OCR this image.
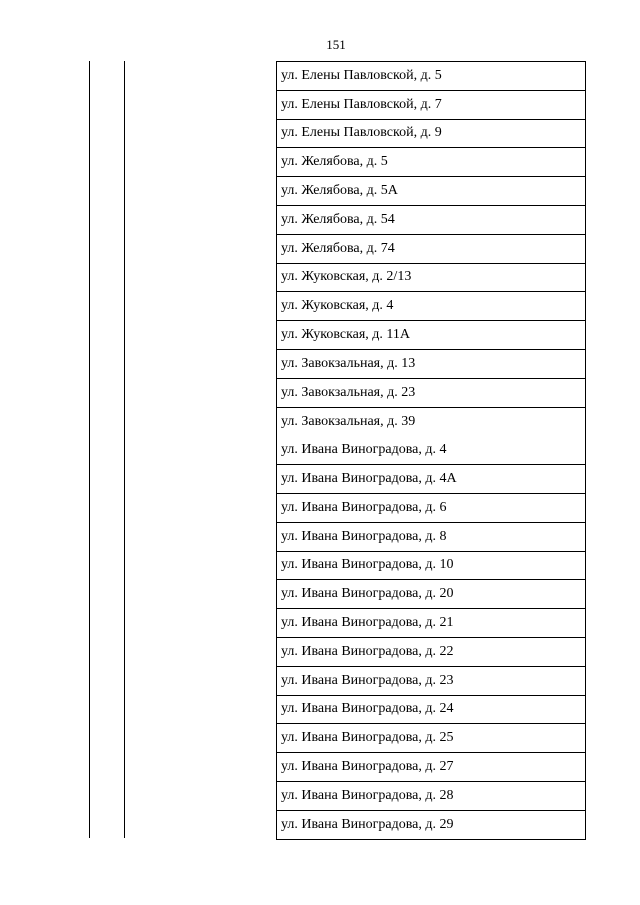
151
ул. Елены Павловской, д. 5
ул. Елены Павловской, д. 7
ул. Елены Павловской, д. 9
ул. Желябова, д. 5
ул. Желябова, д. 5А
ул. Желябова, д. 54
ул. Желябова, д. 74
ул. Жуковская, д. 2/13
ул. Жуковская, д. 4
ул. Жуковская, д. 11А
ул. Завокзальная, д. 13
ул. Завокзальная, д. 23
ул. Завокзальная, д. 39
ул. Ивана Виноградова, д. 4
ул. Ивана Виноградова, д. 4А
ул. Ивана Виноградова, д. 6
ул. Ивана Виноградова, д. 8
ул. Ивана Виноградова, д. 10
ул. Ивана Виноградова, д. 20
ул. Ивана Виноградова, д. 21
ул. Ивана Виноградова, д. 22
ул. Ивана Виноградова, д. 23
ул. Ивана Виноградова, д. 24
ул. Ивана Виноградова, д. 25
ул. Ивана Виноградова, д. 27
ул. Ивана Виноградова, д. 28
ул. Ивана Виноградова, д. 29
